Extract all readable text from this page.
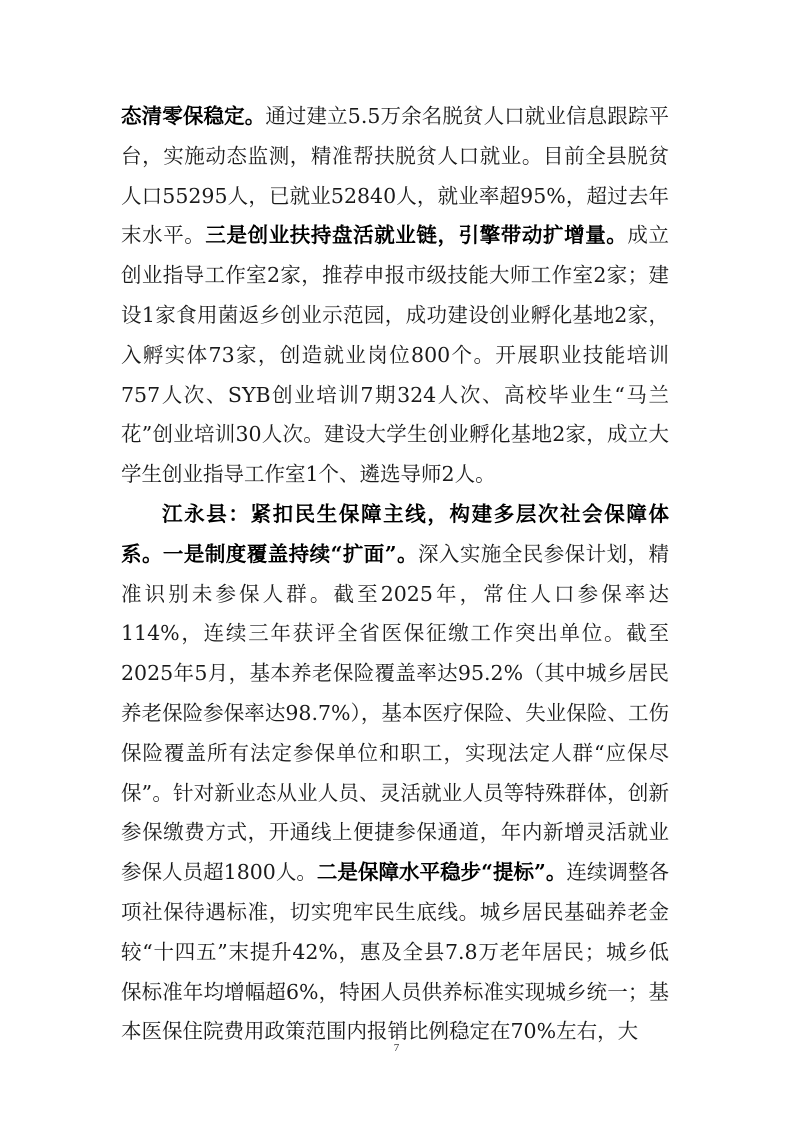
态清零保稳定。通过建立5.5万余名脱贫人口就业信息跟踪平台，实施动态监测，精准帮扶脱贫人口就业。目前全县脱贫人口55295人，已就业52840人，就业率超95%，超过去年末水平。三是创业扶持盘活就业链，引擎带动扩增量。成立创业指导工作室2家，推荐申报市级技能大师工作室2家；建设1家食用菌返乡创业示范园，成功建设创业孵化基地2家，入孵实体73家，创造就业岗位800个。开展职业技能培训757人次、SYB创业培训7期324人次、高校毕业生“马兰花”创业培训30人次。建设大学生创业孵化基地2家，成立大学生创业指导工作室1个、遴选导师2人。

江永县：紧扣民生保障主线，构建多层次社会保障体系。一是制度覆盖持续“扩面”。深入实施全民参保计划，精准识别未参保人群。截至2025年，常住人口参保率达114%，连续三年获评全省医保征缴工作突出单位。截至2025年5月，基本养老保险覆盖率达95.2%（其中城乡居民养老保险参保率达98.7%），基本医疗保险、失业保险、工伤保险覆盖所有法定参保单位和职工，实现法定人群“应保尽保”。针对新业态从业人员、灵活就业人员等特殊群体，创新参保缴费方式，开通线上便捷参保通道，年内新增灵活就业参保人员超1800人。二是保障水平稳步“提标”。连续调整各项社保待遇标准，切实兜牢民生底线。城乡居民基础养老金较“十四五”末提升42%，惠及全县7.8万老年居民；城乡低保标准年均增幅超6%，特困人员供养标准实现城乡统一；基本医保住院费用政策范围内报销比例稳定在70%左右，大

7
